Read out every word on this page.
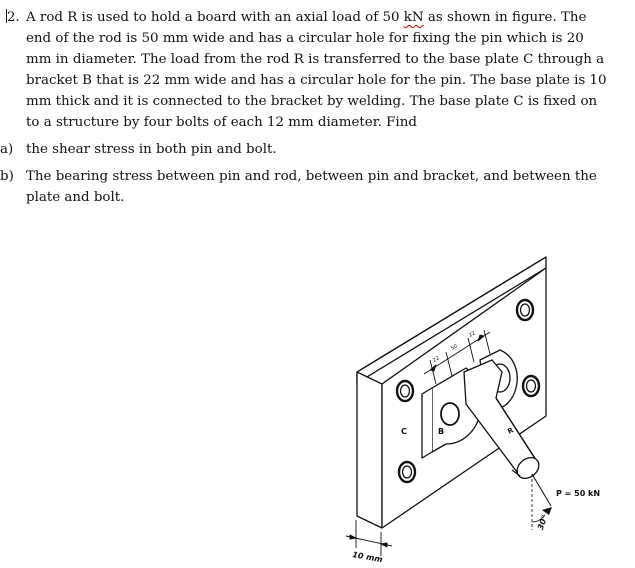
2. A rod R is used to hold a board with an axial load of 50 kN as shown in figure. The end of the rod is 50 mm wide and has a circular hole for fixing the pin which is 20 mm in diameter. The load from the rod R is transferred to the base plate C through a bracket B that is 22 mm wide and has a circular hole for the pin. The base plate is 10 mm thick and it is connected to the bracket by welding. The base plate C is fixed on to a structure by four bolts of each 12 mm diameter. Find
a) the shear stress in both pin and bolt.
b) The bearing stress between pin and rod, between pin and bracket, and between the plate and bolt.
22
50
22
C	B	R
P = 50 kN
30°
10 mm
